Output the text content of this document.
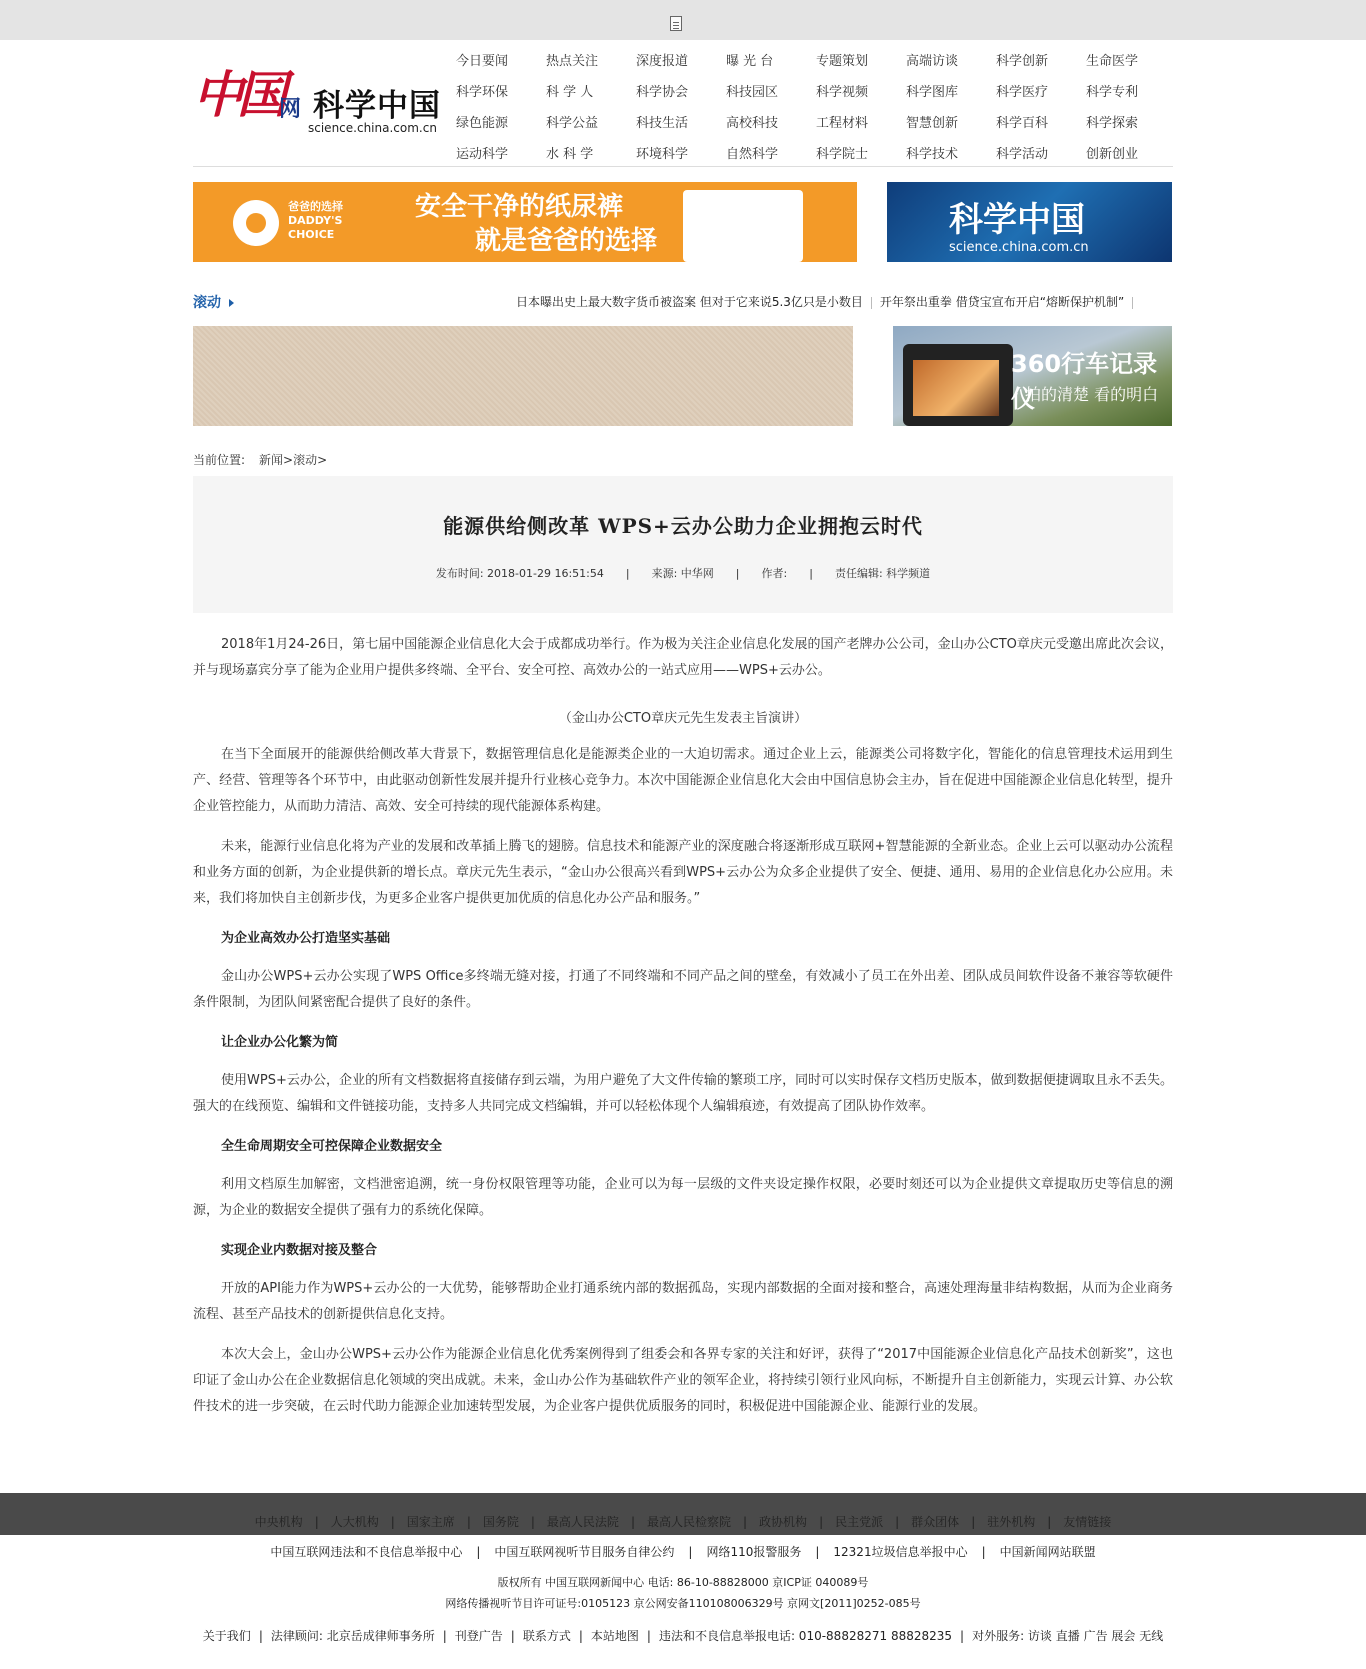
中国
网 科学中国
science.china.com.cn
今日要闻	热点关注	深度报道	曝 光 台	专题策划	高端访谈	科学创新	生命医学
科学环保	科 学 人	科学协会	科技园区	科学视频	科学图库	科学医疗	科学专利
绿色能源	科学公益	科技生活	高校科技	工程材料	智慧创新	科学百科	科学探索
运动科学	水 科 学	环境科学	自然科学	科学院士	科学技术	科学活动	创新创业
爸爸的选择 DADDY'S CHOICE
安全干净的纸尿裤
就是爸爸的选择
科学中国
science.china.com.cn
滚动	日本曝出史上最大数字货币被盗案 但对于它来说5.3亿只是小数目 开年祭出重拳 借贷宝宣布开启“熔断保护机制”
360行车记录仪
拍的清楚 看的明白
当前位置: 新闻>滚动>
能源供给侧改革 WPS+云办公助力企业拥抱云时代
发布时间: 2018-01-29 16:51:54 | 来源: 中华网 | 作者: | 责任编辑: 科学频道

2018年1月24-26日，第七届中国能源企业信息化大会于成都成功举行。作为极为关注企业信息化发展的国产老牌办公公司，金山办公CTO章庆元受邀出席此次会议，并与现场嘉宾分享了能为企业用户提供多终端、全平台、安全可控、高效办公的一站式应用——WPS+云办公。

（金山办公CTO章庆元先生发表主旨演讲）

在当下全面展开的能源供给侧改革大背景下，数据管理信息化是能源类企业的一大迫切需求。通过企业上云，能源类公司将数字化，智能化的信息管理技术运用到生产、经营、管理等各个环节中，由此驱动创新性发展并提升行业核心竞争力。本次中国能源企业信息化大会由中国信息协会主办，旨在促进中国能源企业信息化转型，提升企业管控能力，从而助力清洁、高效、安全可持续的现代能源体系构建。

未来，能源行业信息化将为产业的发展和改革插上腾飞的翅膀。信息技术和能源产业的深度融合将逐渐形成互联网+智慧能源的全新业态。企业上云可以驱动办公流程和业务方面的创新，为企业提供新的增长点。章庆元先生表示，“金山办公很高兴看到WPS+云办公为众多企业提供了安全、便捷、通用、易用的企业信息化办公应用。未来，我们将加快自主创新步伐，为更多企业客户提供更加优质的信息化办公产品和服务。”

为企业高效办公打造坚实基础

金山办公WPS+云办公实现了WPS Office多终端无缝对接，打通了不同终端和不同产品之间的壁垒，有效减小了员工在外出差、团队成员间软件设备不兼容等软硬件条件限制，为团队间紧密配合提供了良好的条件。

让企业办公化繁为简

使用WPS+云办公，企业的所有文档数据将直接储存到云端，为用户避免了大文件传输的繁琐工序，同时可以实时保存文档历史版本，做到数据便捷调取且永不丢失。强大的在线预览、编辑和文件链接功能，支持多人共同完成文档编辑，并可以轻松体现个人编辑痕迹，有效提高了团队协作效率。

全生命周期安全可控保障企业数据安全

利用文档原生加解密，文档泄密追溯，统一身份权限管理等功能，企业可以为每一层级的文件夹设定操作权限，必要时刻还可以为企业提供文章提取历史等信息的溯源，为企业的数据安全提供了强有力的系统化保障。

实现企业内数据对接及整合

开放的API能力作为WPS+云办公的一大优势，能够帮助企业打通系统内部的数据孤岛，实现内部数据的全面对接和整合，高速处理海量非结构数据，从而为企业商务流程、甚至产品技术的创新提供信息化支持。

本次大会上，金山办公WPS+云办公作为能源企业信息化优秀案例得到了组委会和各界专家的关注和好评，获得了“2017中国能源企业信息化产品技术创新奖”，这也印证了金山办公在企业数据信息化领域的突出成就。未来，金山办公作为基础软件产业的领军企业，将持续引领行业风向标，不断提升自主创新能力，实现云计算、办公软件技术的进一步突破，在云时代助力能源企业加速转型发展，为企业客户提供优质服务的同时，积极促进中国能源企业、能源行业的发展。

中央机构 | 人大机构 | 国家主席 | 国务院 | 最高人民法院 | 最高人民检察院 | 政协机构 | 民主党派 | 群众团体 | 驻外机构 | 友情链接
中国互联网违法和不良信息举报中心 | 中国互联网视听节目服务自律公约 | 网络110报警服务 | 12321垃圾信息举报中心 | 中国新闻网站联盟
版权所有 中国互联网新闻中心 电话: 86-10-88828000 京ICP证 040089号
网络传播视听节目许可证号:0105123 京公网安备110108006329号 京网文[2011]0252-085号
关于我们 | 法律顾问: 北京岳成律师事务所 | 刊登广告 | 联系方式 | 本站地图 | 违法和不良信息举报电话: 010-88828271 88828235 | 对外服务: 访谈 直播 广告 展会 无线
